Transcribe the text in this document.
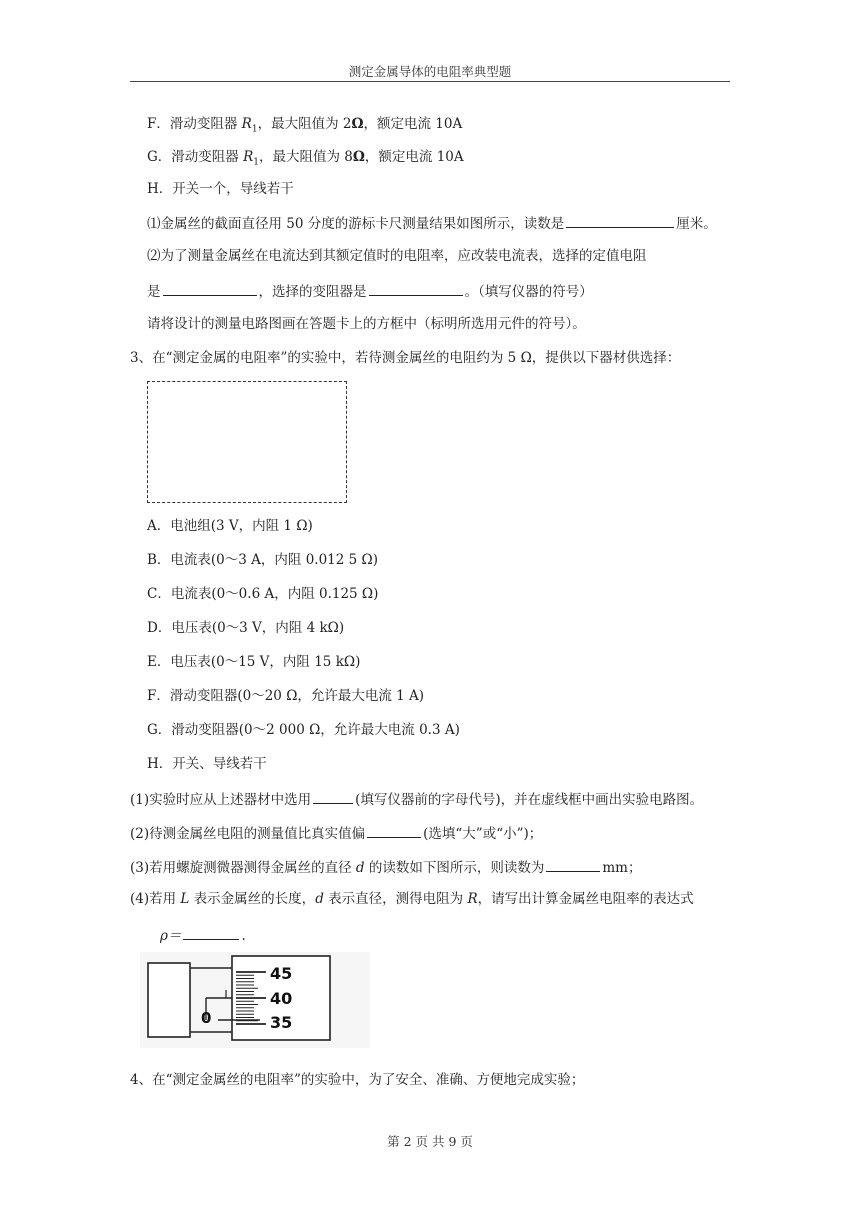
测定金属导体的电阻率典型题
F．滑动变阻器 $R_1$，最大阻值为 2Ω，额定电流 10A
G．滑动变阻器 $R_1$，最大阻值为 8Ω，额定电流 10A
H．开关一个，导线若干
⑴金属丝的截面直径用 50 分度的游标卡尺测量结果如图所示，读数是	厘米。
⑵为了测量金属丝在电流达到其额定值时的电阻率，应改装电流表，选择的定值电阻
是	，选择的变阻器是	。（填写仪器的符号）
请将设计的测量电路图画在答题卡上的方框中（标明所选用元件的符号）。
3、在“测定金属的电阻率”的实验中，若待测金属丝的电阻约为 5 Ω，提供以下器材供选择：
A．电池组(3 V，内阻 1 Ω)
B．电流表(0～3 A，内阻 0.012 5 Ω)
C．电流表(0～0.6 A，内阻 0.125 Ω)
D．电压表(0～3 V，内阻 4 kΩ)
E．电压表(0～15 V，内阻 15 kΩ)
F．滑动变阻器(0～20 Ω，允许最大电流 1 A)
G．滑动变阻器(0～2 000 Ω，允许最大电流 0.3 A)
H．开关、导线若干
(1)实验时应从上述器材中选用	(填写仪器前的字母代号)，并在虚线框中画出实验电路图。
(2)待测金属丝电阻的测量值比真实值偏	(选填“大”或“小”)；
(3)若用螺旋测微器测得金属丝的直径 d 的读数如下图所示，则读数为	mm；
(4)若用 L 表示金属丝的长度，d 表示直径，测得电阻为 R，请写出计算金属丝电阻率的表达式
ρ＝	.
0
45
40
35
4、在“测定金属丝的电阻率”的实验中，为了安全、准确、方便地完成实验；
第 2 页 共 9 页
